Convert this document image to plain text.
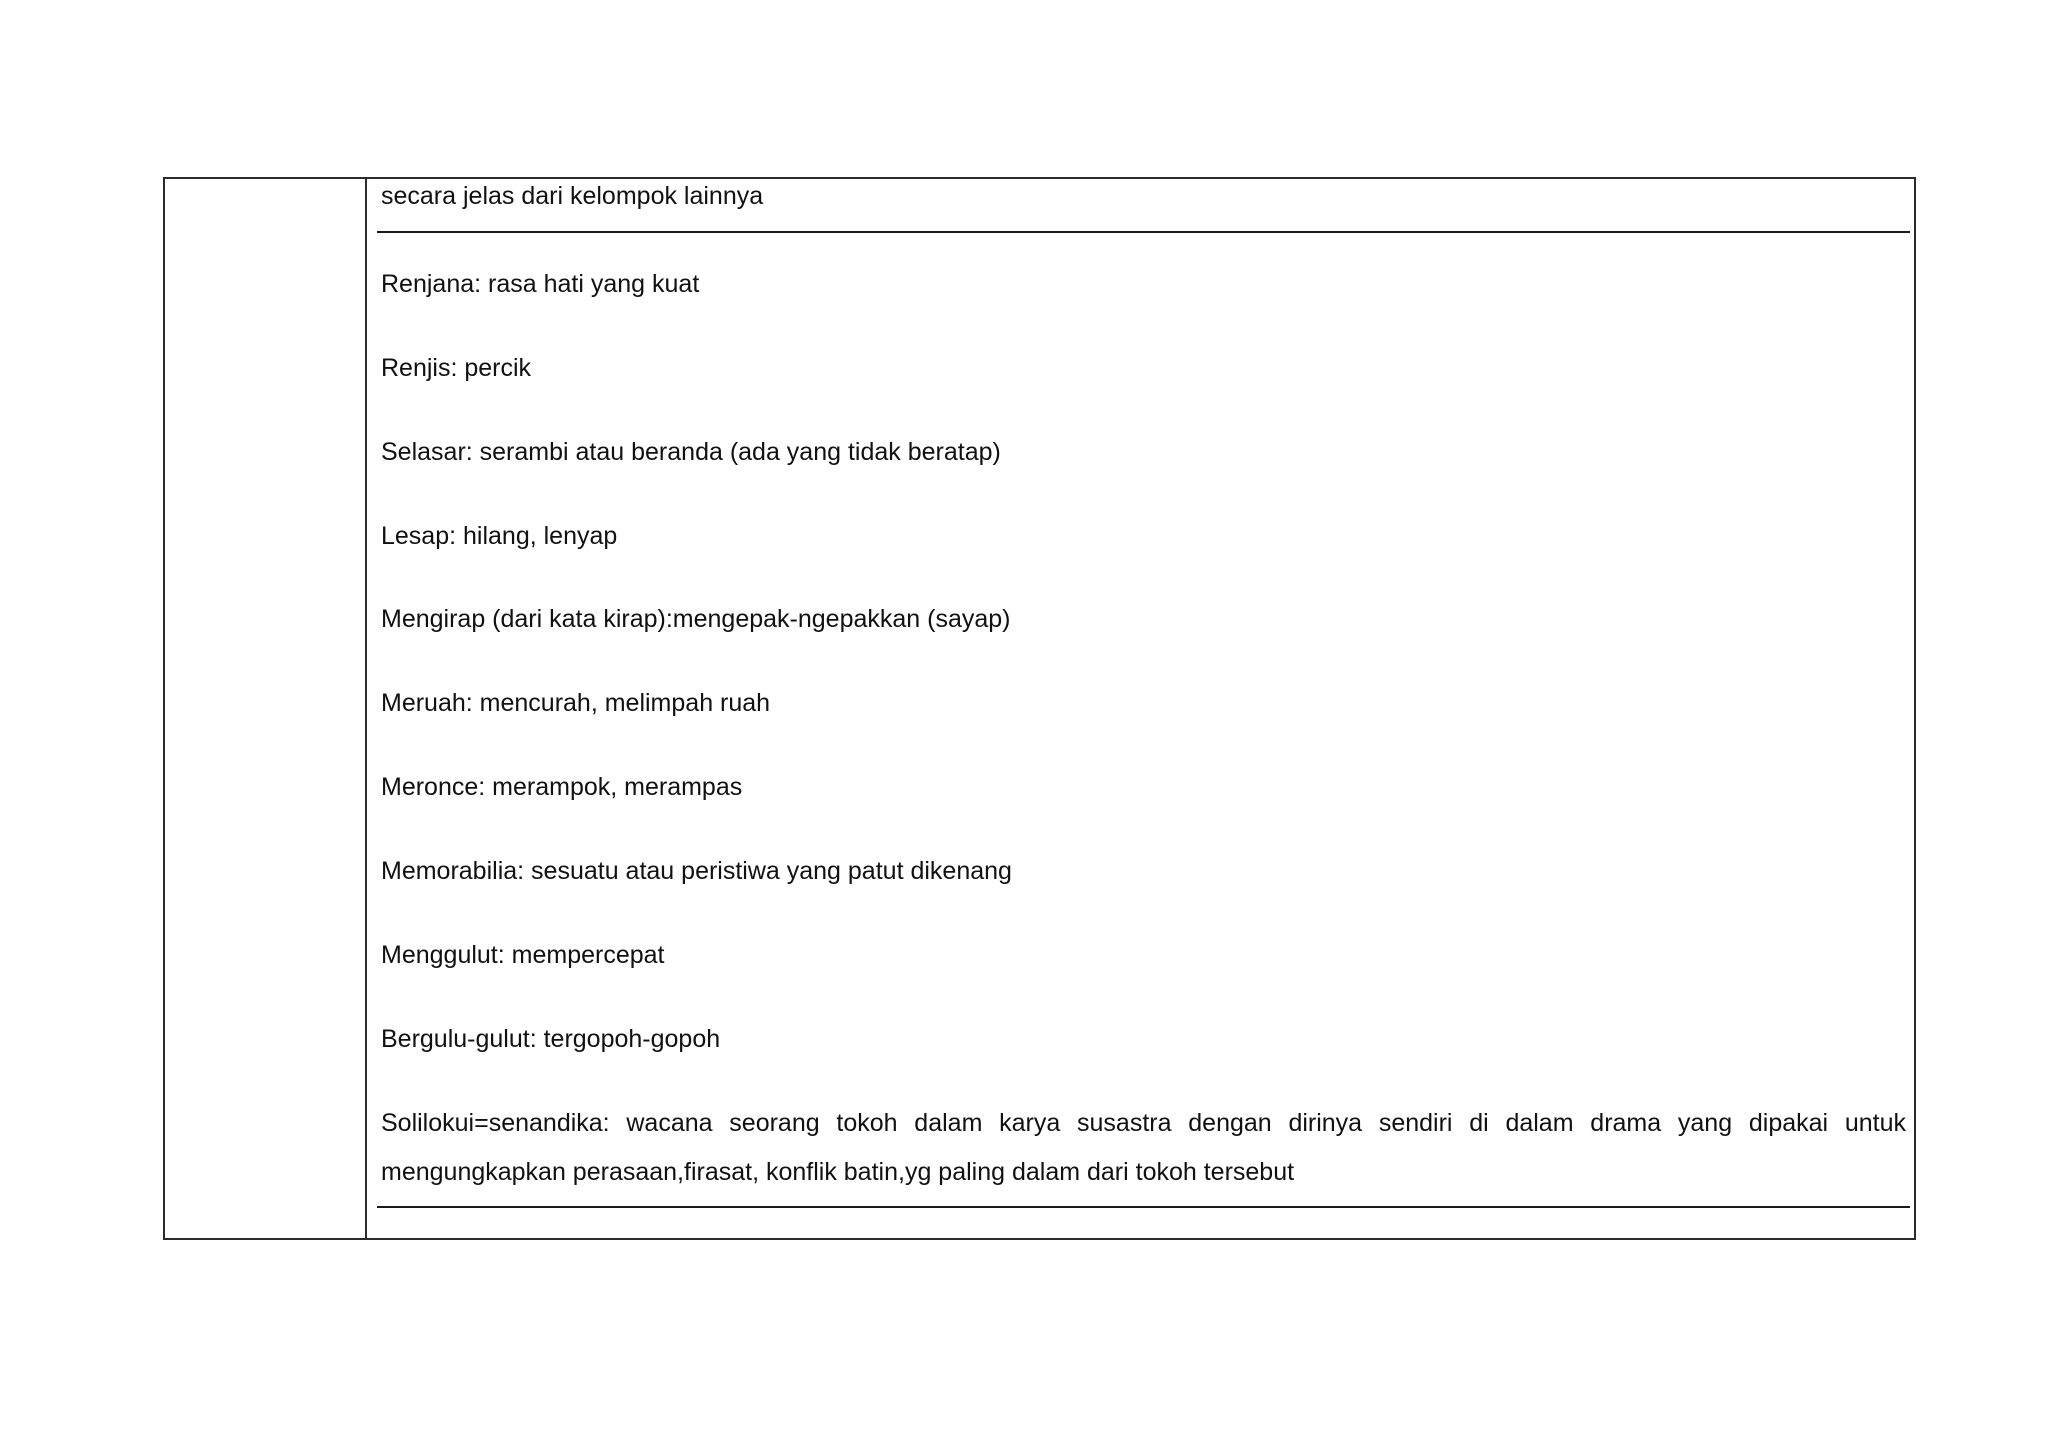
secara jelas dari kelompok lainnya
Renjana: rasa hati yang kuat
Renjis: percik
Selasar: serambi atau beranda (ada yang tidak beratap)
Lesap: hilang, lenyap
Mengirap (dari kata kirap):mengepak-ngepakkan (sayap)
Meruah: mencurah, melimpah ruah
Meronce: merampok, merampas
Memorabilia: sesuatu atau peristiwa yang patut dikenang
Menggulut: mempercepat
Bergulu-gulut: tergopoh-gopoh
Solilokui=senandika: wacana seorang tokoh dalam karya susastra dengan dirinya sendiri di dalam drama yang dipakai untuk
mengungkapkan perasaan,firasat, konflik batin,yg paling dalam dari tokoh tersebut
